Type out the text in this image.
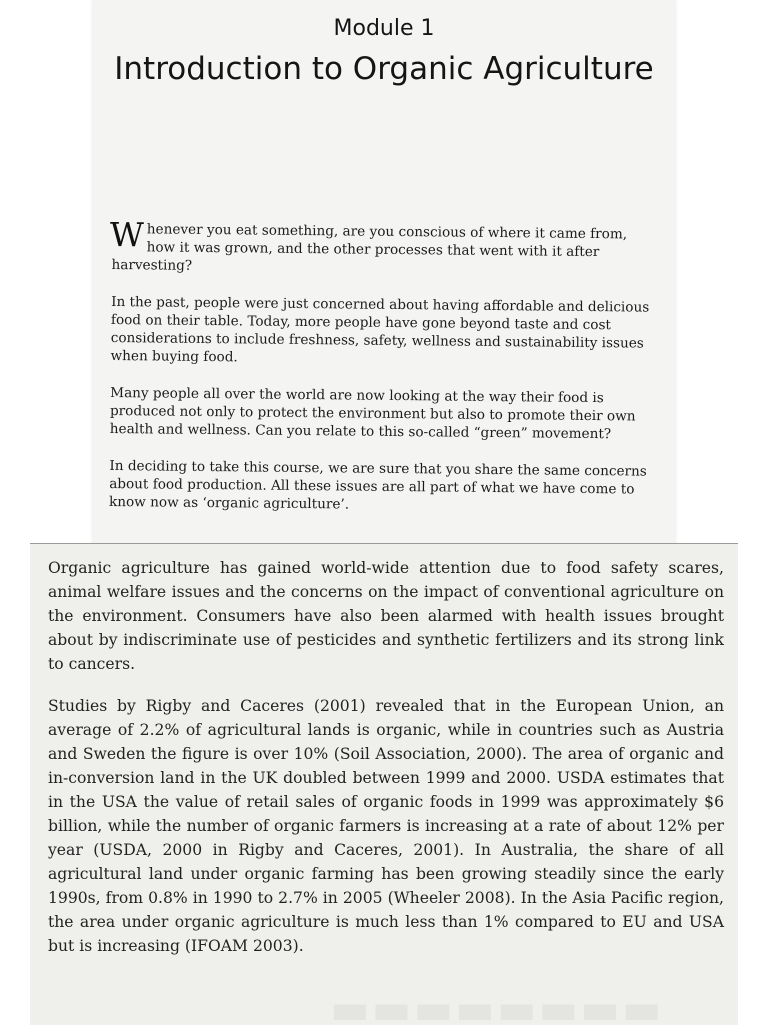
Module 1
Introduction to Organic Agriculture

Whenever you eat something, are you conscious of where it came from, how it was grown, and the other processes that went with it after harvesting?

In the past, people were just concerned about having affordable and delicious food on their table. Today, more people have gone beyond taste and cost considerations to include freshness, safety, wellness and sustainability issues when buying food.

Many people all over the world are now looking at the way their food is produced not only to protect the environment but also to promote their own health and wellness. Can you relate to this so-called “green” movement?

In deciding to take this course, we are sure that you share the same concerns about food production. All these issues are all part of what we have come to know now as ‘organic agriculture’.

Organic agriculture has gained world-wide attention due to food safety scares, animal welfare issues and the concerns on the impact of conventional agriculture on the environment. Consumers have also been alarmed with health issues brought about by indiscriminate use of pesticides and synthetic fertilizers and its strong link to cancers.

Studies by Rigby and Caceres (2001) revealed that in the European Union, an average of 2.2% of agricultural lands is organic, while in countries such as Austria and Sweden the figure is over 10% (Soil Association, 2000). The area of organic and in-conversion land in the UK doubled between 1999 and 2000. USDA estimates that in the USA the value of retail sales of organic foods in 1999 was approximately $6 billion, while the number of organic farmers is increasing at a rate of about 12% per year (USDA, 2000 in Rigby and Caceres, 2001). In Australia, the share of all agricultural land under organic farming has been growing steadily since the early 1990s, from 0.8% in 1990 to 2.7% in 2005 (Wheeler 2008). In the Asia Pacific region, the area under organic agriculture is much less than 1% compared to EU and USA but is increasing (IFOAM 2003).
